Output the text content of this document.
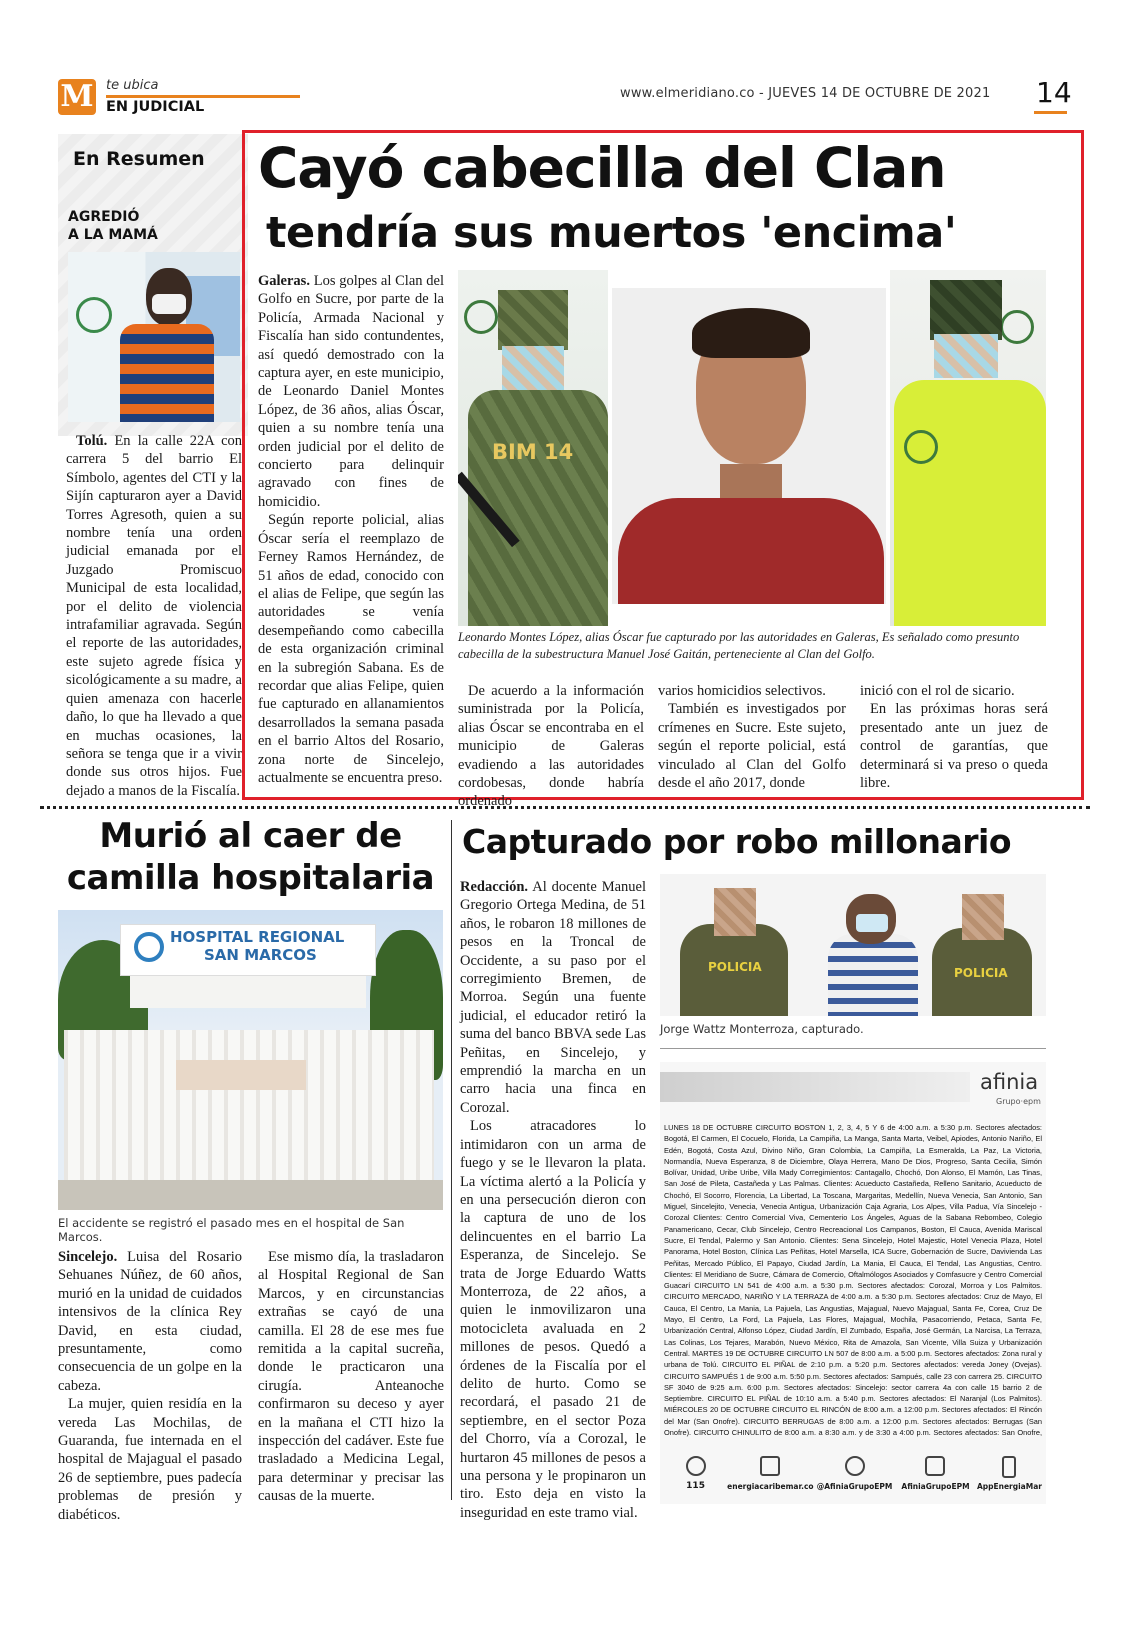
M te ubica
EN JUDICIAL
www.elmeridiano.co - JUEVES 14 DE OCTUBRE DE 2021 14
En Resumen
AGREDIÓ
A LA MAMÁ

Tolú. En la calle 22A con carrera 5 del barrio El Símbolo, agentes del CTI y la Sijín capturaron ayer a David Torres Agresoth, quien a su nombre tenía una orden judicial emanada por el Juzgado Promiscuo Municipal de esta localidad, por el delito de violencia intrafamiliar agravada. Según el reporte de las autoridades, este sujeto agrede física y sicológicamente a su madre, a quien amenaza con hacerle daño, lo que ha llevado a que en muchas ocasiones, la señora se tenga que ir a vivir donde sus otros hijos. Fue dejado a manos de la Fiscalía.

Cayó cabecilla del Clan
tendría sus muertos 'encima'

Galeras. Los golpes al Clan del Golfo en Sucre, por parte de la Policía, Armada Nacional y Fiscalía han sido contundentes, así quedó demostrado con la captura ayer, en este municipio, de Leonardo Daniel Montes López, de 36 años, alias Óscar, quien a su nombre tenía una orden judicial por el delito de concierto para delinquir agravado con fines de homicidio.

Según reporte policial, alias Óscar sería el reemplazo de Ferney Ramos Hernández, de 51 años de edad, conocido con el alias de Felipe, que según las autoridades se venía desempeñando como cabecilla de esta organización criminal en la subregión Sabana. Es de recordar que alias Felipe, quien fue capturado en allanamientos desarrollados la semana pasada en el barrio Altos del Rosario, zona norte de Sincelejo, actualmente se encuentra preso.

BIM 14
Leonardo Montes López, alias Óscar fue capturado por las autoridades en Galeras, Es señalado como presunto cabecilla de la subestructura Manuel José Gaitán, perteneciente al Clan del Golfo.

De acuerdo a la información suministrada por la Policía, alias Óscar se encontraba en el municipio de Galeras evadiendo a las autoridades cordobesas, donde habría ordenado

varios homicidios selectivos.

También es investigados por crímenes en Sucre. Este sujeto, según el reporte policial, está vinculado al Clan del Golfo desde el año 2017, donde

inició con el rol de sicario.

En las próximas horas será presentado ante un juez de control de garantías, que determinará si va preso o queda libre.

Murió al caer de
camilla hospitalaria
HOSPITAL REGIONAL
SAN MARCOS
El accidente se registró el pasado mes en el hospital de San Marcos.

Sincelejo. Luisa del Rosario Sehuanes Núñez, de 60 años, murió en la unidad de cuidados intensivos de la clínica Rey David, en esta ciudad, presuntamente, como consecuencia de un golpe en la cabeza.

La mujer, quien residía en la vereda Las Mochilas, de Guaranda, fue internada en el hospital de Majagual el pasado 26 de septiembre, pues padecía problemas de presión y diabéticos.

Ese mismo día, la trasladaron al Hospital Regional de San Marcos, y en circunstancias extrañas se cayó de una camilla. El 28 de ese mes fue remitida a la capital sucreña, donde le practicaron una cirugía. Anteanoche confirmaron su deceso y ayer en la mañana el CTI hizo la inspección del cadáver. Este fue trasladado a Medicina Legal, para determinar y precisar las causas de la muerte.

Capturado por robo millonario

Redacción. Al docente Manuel Gregorio Ortega Medina, de 51 años, le robaron 18 millones de pesos en la Troncal de Occidente, a su paso por el corregimiento Bremen, de Morroa. Según una fuente judicial, el educador retiró la suma del banco BBVA sede Las Peñitas, en Sincelejo, y emprendió la marcha en un carro hacia una finca en Corozal.

Los atracadores lo intimidaron con un arma de fuego y se le llevaron la plata. La víctima alertó a la Policía y en una persecución dieron con la captura de uno de los delincuentes en el barrio La Esperanza, de Sincelejo. Se trata de Jorge Eduardo Watts Monterroza, de 22 años, a quien le inmovilizaron una motocicleta avaluada en 2 millones de pesos. Quedó a órdenes de la Fiscalía por el delito de hurto. Como se recordará, el pasado 21 de septiembre, en el sector Poza del Chorro, vía a Corozal, le hurtaron 45 millones de pesos a una persona y le propinaron un tiro. Esto deja en visto la inseguridad en este tramo vial.

POLICIA	POLICIA
Jorge Wattz Monterroza, capturado.
afinia
Grupo·epm
LUNES 18 DE OCTUBRE CIRCUITO BOSTON 1, 2, 3, 4, 5 Y 6 de 4:00 a.m. a 5:30 p.m. Sectores afectados: Bogotá, El Carmen, El Cocuelo, Florida, La Campiña, La Manga, Santa Marta, Veibel, Apiodes, Antonio Nariño, El Edén, Bogotá, Costa Azul, Divino Niño, Gran Colombia, La Campiña, La Esmeralda, La Paz, La Victoria, Normandía, Nueva Esperanza, 8 de Diciembre, Olaya Herrera, Mano De Dios, Progreso, Santa Cecilia, Simón Bolívar, Unidad, Uribe Uribe, Villa Mady Corregimientos: Cantagallo, Chochó, Don Alonso, El Mamón, Las Tinas, San José de Pileta, Castañeda y Las Palmas. Clientes: Acueducto Castañeda, Relleno Sanitario, Acueducto de Chochó, El Socorro, Florencia, La Libertad, La Toscana, Margaritas, Medellín, Nueva Venecia, San Antonio, San Miguel, Sincelejito, Venecia, Venecia Antigua, Urbanización Caja Agraria, Los Alpes, Villa Padua, Vía Sincelejo - Corozal Clientes: Centro Comercial Viva, Cementerio Los Ángeles, Aguas de la Sabana Rebombeo, Colegio Panamericano, Cecar, Club Sincelejo, Centro Recreacional Los Campanos, Boston, El Cauca, Avenida Mariscal Sucre, El Tendal, Palermo y San Antonio. Clientes: Sena Sincelejo, Hotel Majestic, Hotel Venecia Plaza, Hotel Panorama, Hotel Boston, Clínica Las Peñitas, Hotel Marsella, ICA Sucre, Gobernación de Sucre, Davivienda Las Peñitas, Mercado Público, El Papayo, Ciudad Jardín, La Mania, El Cauca, El Tendal, Las Angustias, Centro. Clientes: El Meridiano de Sucre, Cámara de Comercio, Oftalmólogos Asociados y Comfasucre y Centro Comercial Guacarí CIRCUITO LN 541 de 4:00 a.m. a 5:30 p.m. Sectores afectados: Corozal, Morroa y Los Palmitos. CIRCUITO MERCADO, NARIÑO Y LA TERRAZA de 4:00 a.m. a 5:30 p.m. Sectores afectados: Cruz de Mayo, El Cauca, El Centro, La Mania, La Pajuela, Las Angustias, Majagual, Nuevo Majagual, Santa Fe, Corea, Cruz De Mayo, El Centro, La Ford, La Pajuela, Las Flores, Majagual, Mochila, Pasacorriendo, Petaca, Santa Fe, Urbanización Central, Alfonso López, Ciudad Jardín, El Zumbado, España, José Germán, La Narcisa, La Terraza, Las Colinas, Los Tejares, Marabón, Nuevo México, Rita de Amazola, San Vicente, Villa Suiza y Urbanización Central. MARTES 19 DE OCTUBRE CIRCUITO LN 507 de 8:00 a.m. a 5:00 p.m. Sectores afectados: Zona rural y urbana de Tolú. CIRCUITO EL PIÑAL de 2:10 p.m. a 5:20 p.m. Sectores afectados: vereda Joney (Ovejas). CIRCUITO SAMPUÉS 1 de 9:00 a.m. 5:50 p.m. Sectores afectados: Sampués, calle 23 con carrera 25. CIRCUITO SF 3040 de 9:25 a.m. 6:00 p.m. Sectores afectados: Sincelejo: sector carrera 4a con calle 15 barrio 2 de Septiembre. CIRCUITO EL PIÑAL de 10:10 a.m. a 5:40 p.m. Sectores afectados: El Naranjal (Los Palmitos). MIÉRCOLES 20 DE OCTUBRE CIRCUITO EL RINCÓN de 8:00 a.m. a 12:00 p.m. Sectores afectados: El Rincón del Mar (San Onofre). CIRCUITO BERRUGAS de 8:00 a.m. a 12:00 p.m. Sectores afectados: Berrugas (San Onofre). CIRCUITO CHINULITO de 8:00 a.m. a 8:30 a.m. y de 3:30 a 4:00 p.m. Sectores afectados: San Onofre,
115	energiacaribemar.co @AfiniaGrupoEPM	AfiniaGrupoEPM AppEnergiaMar
